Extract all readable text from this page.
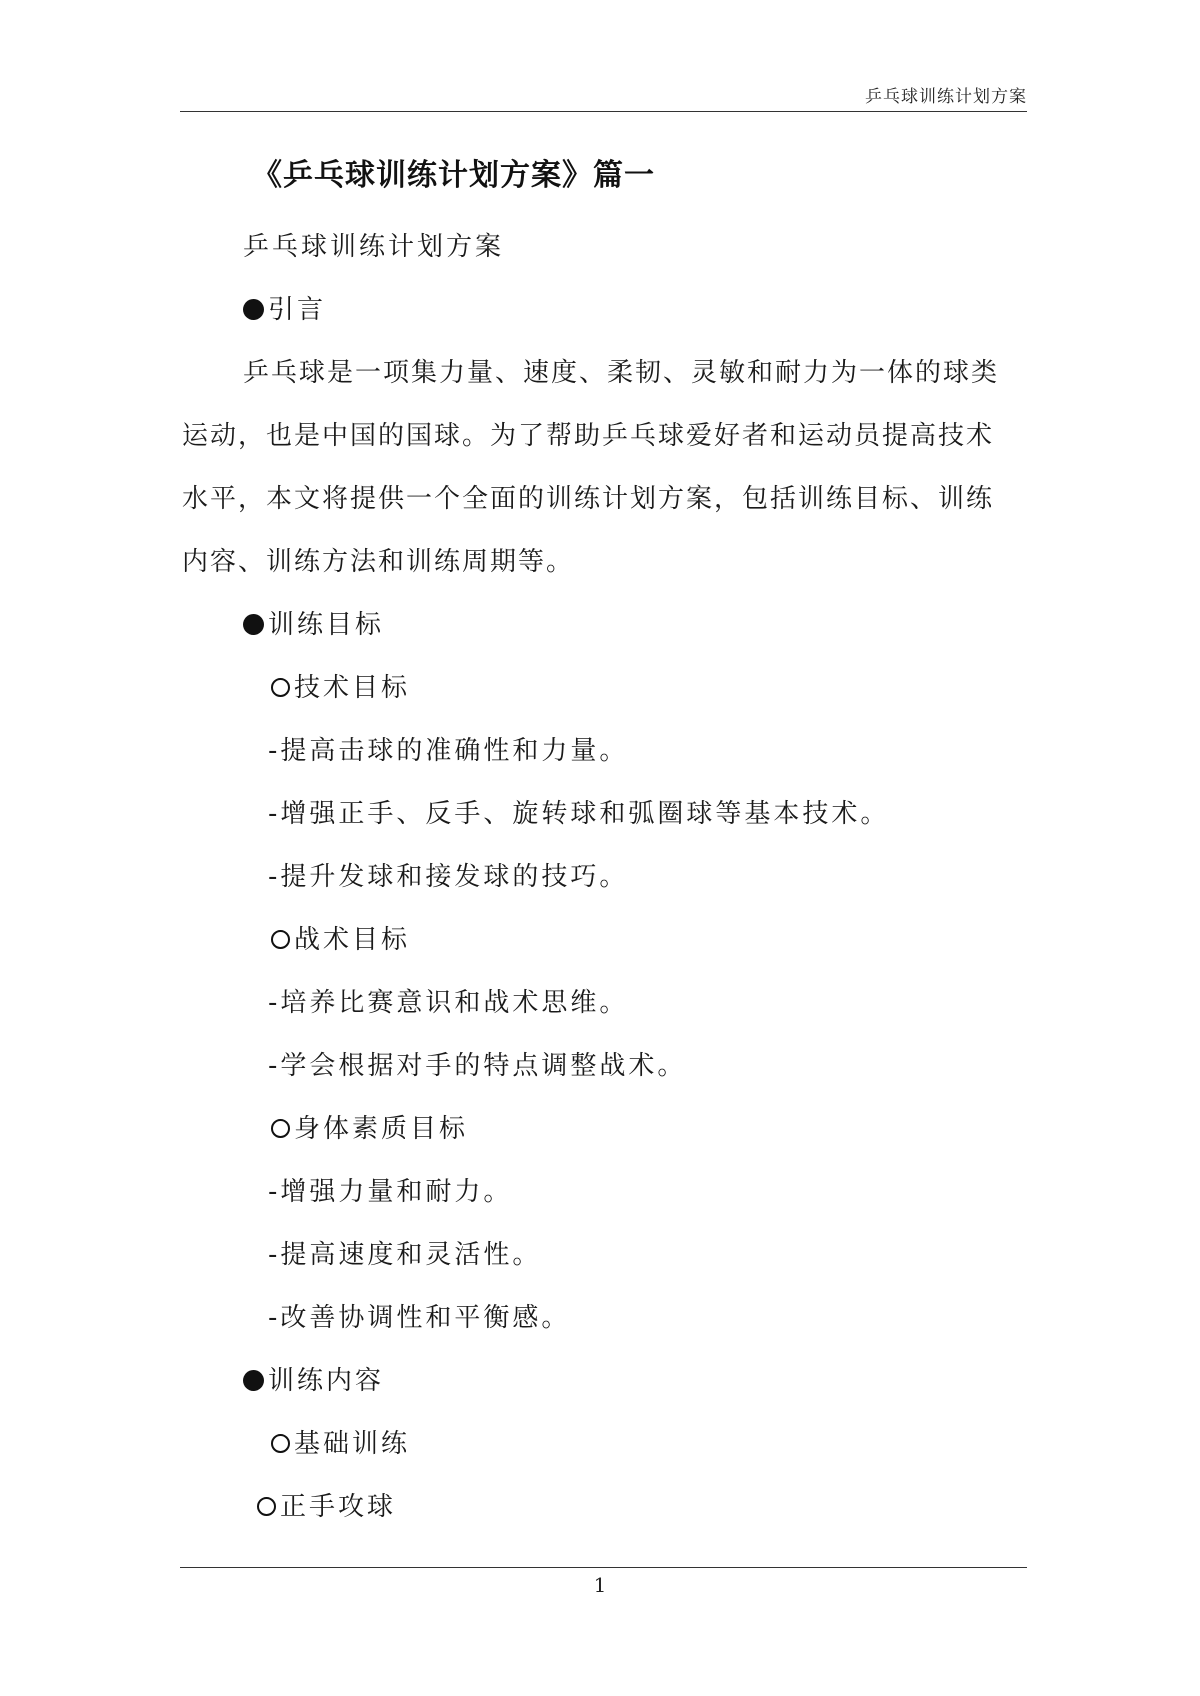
乒乓球训练计划方案
《乒乓球训练计划方案》篇一
乒乓球训练计划方案
引言
乒乓球是一项集力量、速度、柔韧、灵敏和耐力为一体的球类
运动，也是中国的国球。为了帮助乒乓球爱好者和运动员提高技术
水平，本文将提供一个全面的训练计划方案，包括训练目标、训练
内容、训练方法和训练周期等。
训练目标
技术目标
-提高击球的准确性和力量。
-增强正手、反手、旋转球和弧圈球等基本技术。
-提升发球和接发球的技巧。
战术目标
-培养比赛意识和战术思维。
-学会根据对手的特点调整战术。
身体素质目标
-增强力量和耐力。
-提高速度和灵活性。
-改善协调性和平衡感。
训练内容
基础训练
正手攻球
1
